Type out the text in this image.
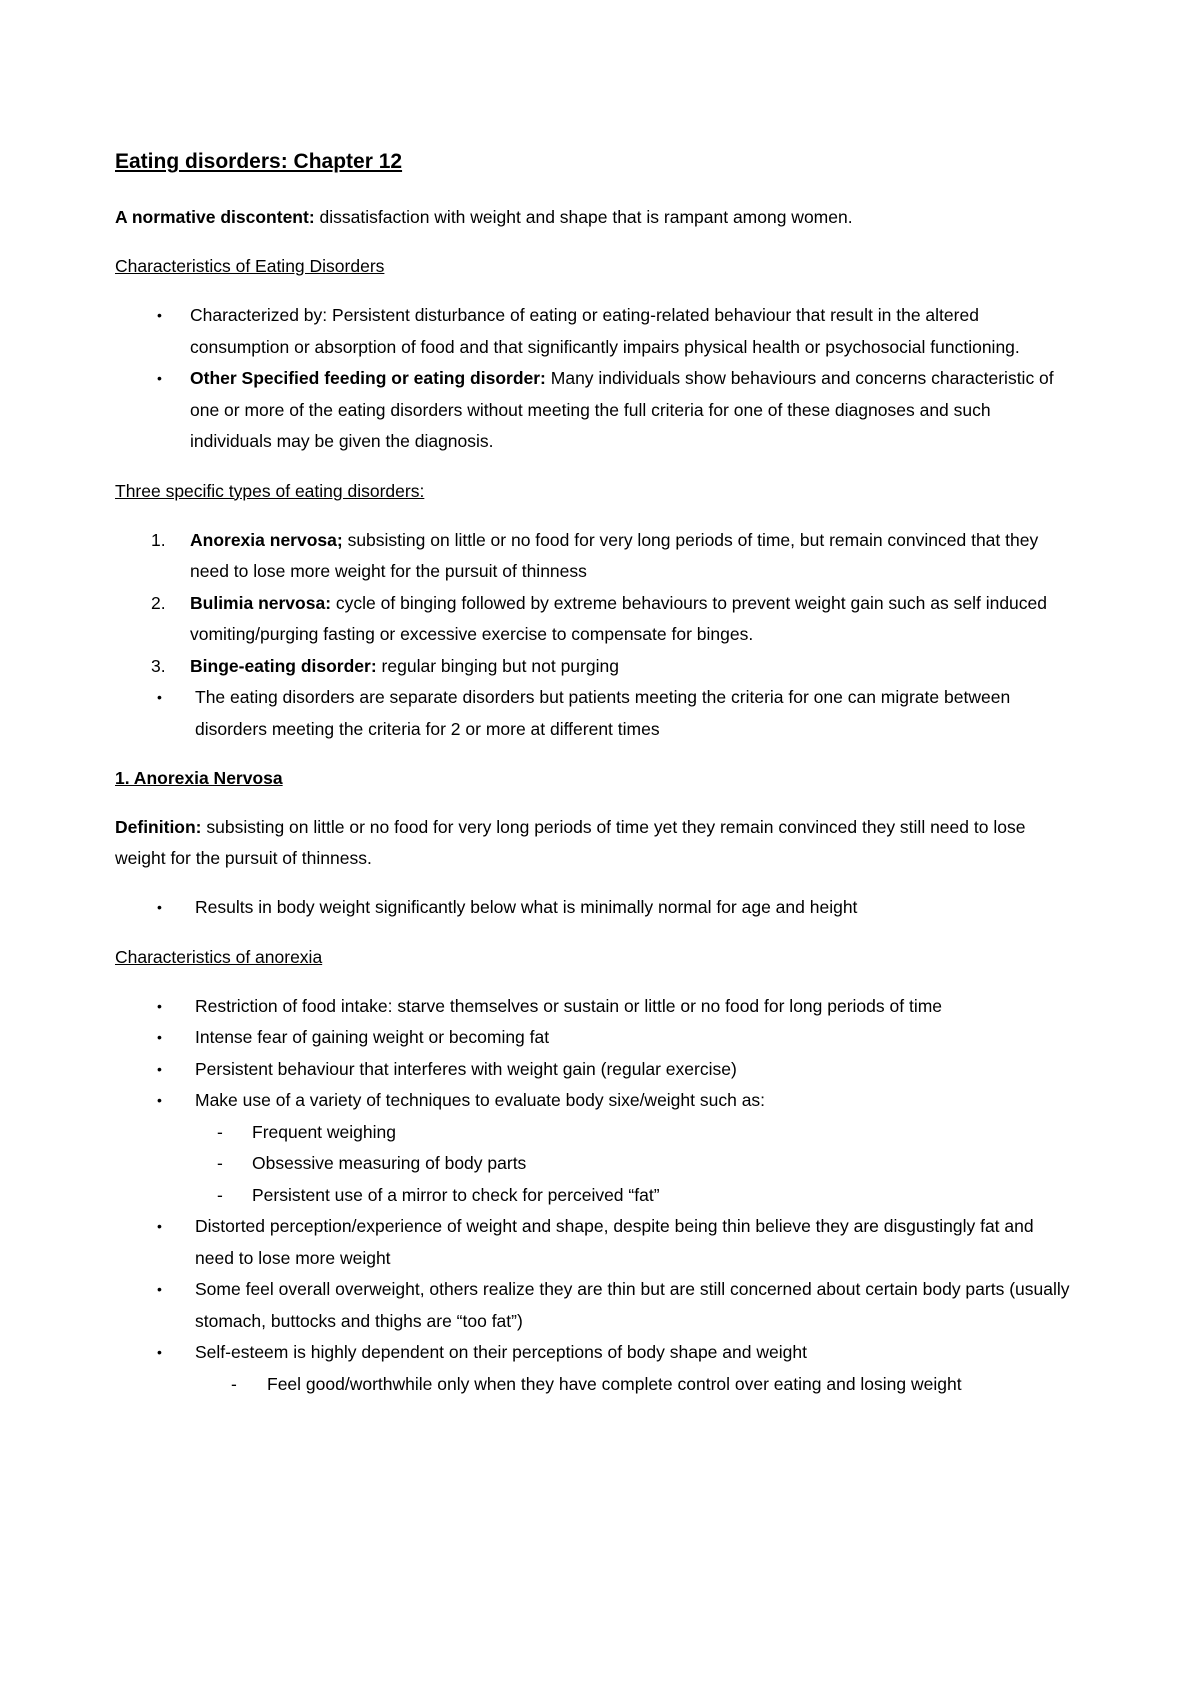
Eating disorders: Chapter 12

A normative discontent: dissatisfaction with weight and shape that is rampant among women.

Characteristics of Eating Disorders

• Characterized by: Persistent disturbance of eating or eating-related behaviour that result in the altered consumption or absorption of food and that significantly impairs physical health or psychosocial functioning.
• Other Specified feeding or eating disorder: Many individuals show behaviours and concerns characteristic of one or more of the eating disorders without meeting the full criteria for one of these diagnoses and such individuals may be given the diagnosis.

Three specific types of eating disorders:

1. Anorexia nervosa; subsisting on little or no food for very long periods of time, but remain convinced that they need to lose more weight for the pursuit of thinness
2. Bulimia nervosa: cycle of binging followed by extreme behaviours to prevent weight gain such as self induced vomiting/purging fasting or excessive exercise to compensate for binges.
3. Binge-eating disorder: regular binging but not purging
• The eating disorders are separate disorders but patients meeting the criteria for one can migrate between disorders meeting the criteria for 2 or more at different times

1. Anorexia Nervosa

Definition: subsisting on little or no food for very long periods of time yet they remain convinced they still need to lose weight for the pursuit of thinness.

• Results in body weight significantly below what is minimally normal for age and height

Characteristics of anorexia

• Restriction of food intake: starve themselves or sustain or little or no food for long periods of time
• Intense fear of gaining weight or becoming fat
• Persistent behaviour that interferes with weight gain (regular exercise)
• Make use of a variety of techniques to evaluate body sixe/weight such as:
- Frequent weighing
- Obsessive measuring of body parts
- Persistent use of a mirror to check for perceived “fat”
• Distorted perception/experience of weight and shape, despite being thin believe they are disgustingly fat and need to lose more weight
• Some feel overall overweight, others realize they are thin but are still concerned about certain body parts (usually stomach, buttocks and thighs are “too fat”)
• Self-esteem is highly dependent on their perceptions of body shape and weight
- Feel good/worthwhile only when they have complete control over eating and losing weight
